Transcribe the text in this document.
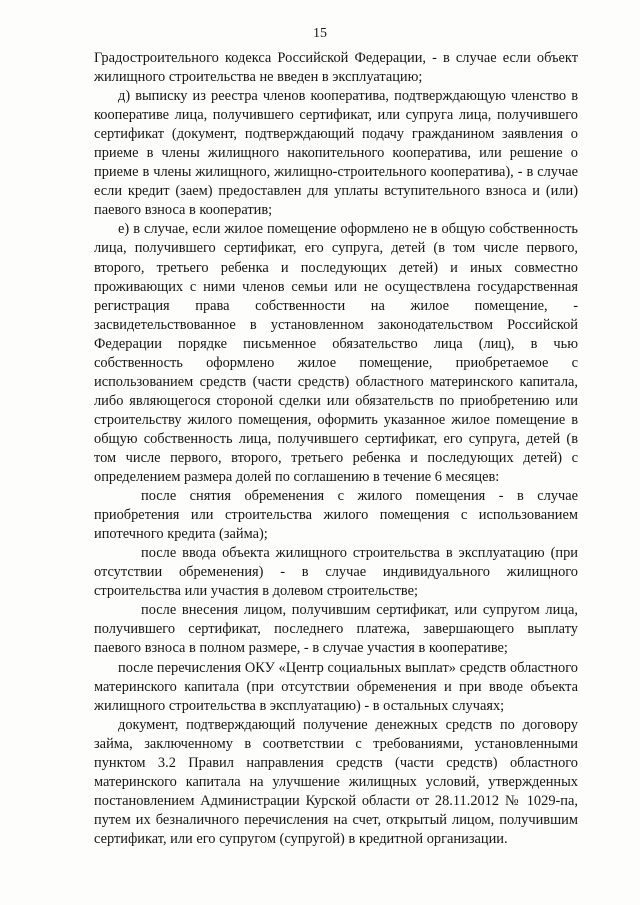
15

Градостроительного кодекса Российской Федерации, - в случае если объект жилищного строительства не введен в эксплуатацию;

д) выписку из реестра членов кооператива, подтверждающую членство в кооперативе лица, получившего сертификат, или супруга лица, получившего сертификат (документ, подтверждающий подачу гражданином заявления о приеме в члены жилищного накопительного кооператива, или решение о приеме в члены жилищного, жилищно-строительного кооператива), - в случае если кредит (заем) предоставлен для уплаты вступительного взноса и (или) паевого взноса в кооператив;

е) в случае, если жилое помещение оформлено не в общую собственность лица, получившего сертификат, его супруга, детей (в том числе первого, второго, третьего ребенка и последующих детей) и иных совместно проживающих с ними членов семьи или не осуществлена государственная регистрация права собственности на жилое помещение, - засвидетельствованное в установленном законодательством Российской Федерации порядке письменное обязательство лица (лиц), в чью собственность оформлено жилое помещение, приобретаемое с использованием средств (части средств) областного материнского капитала, либо являющегося стороной сделки или обязательств по приобретению или строительству жилого помещения, оформить указанное жилое помещение в общую собственность лица, получившего сертификат, его супруга, детей (в том числе первого, второго, третьего ребенка и последующих детей) с определением размера долей по соглашению в течение 6 месяцев:

после снятия обременения с жилого помещения - в случае приобретения или строительства жилого помещения с использованием ипотечного кредита (займа);

после ввода объекта жилищного строительства в эксплуатацию (при отсутствии обременения) - в случае индивидуального жилищного строительства или участия в долевом строительстве;

после внесения лицом, получившим сертификат, или супругом лица, получившего сертификат, последнего платежа, завершающего выплату паевого взноса в полном размере, - в случае участия в кооперативе;

после перечисления ОКУ «Центр социальных выплат» средств областного материнского капитала (при отсутствии обременения и при вводе объекта жилищного строительства в эксплуатацию) - в остальных случаях;

документ, подтверждающий получение денежных средств по договору займа, заключенному в соответствии с требованиями, установленными пунктом 3.2 Правил направления средств (части средств) областного материнского капитала на улучшение жилищных условий, утвержденных постановлением Администрации Курской области от 28.11.2012 № 1029-па, путем их безналичного перечисления на счет, открытый лицом, получившим сертификат, или его супругом (супругой) в кредитной организации.
